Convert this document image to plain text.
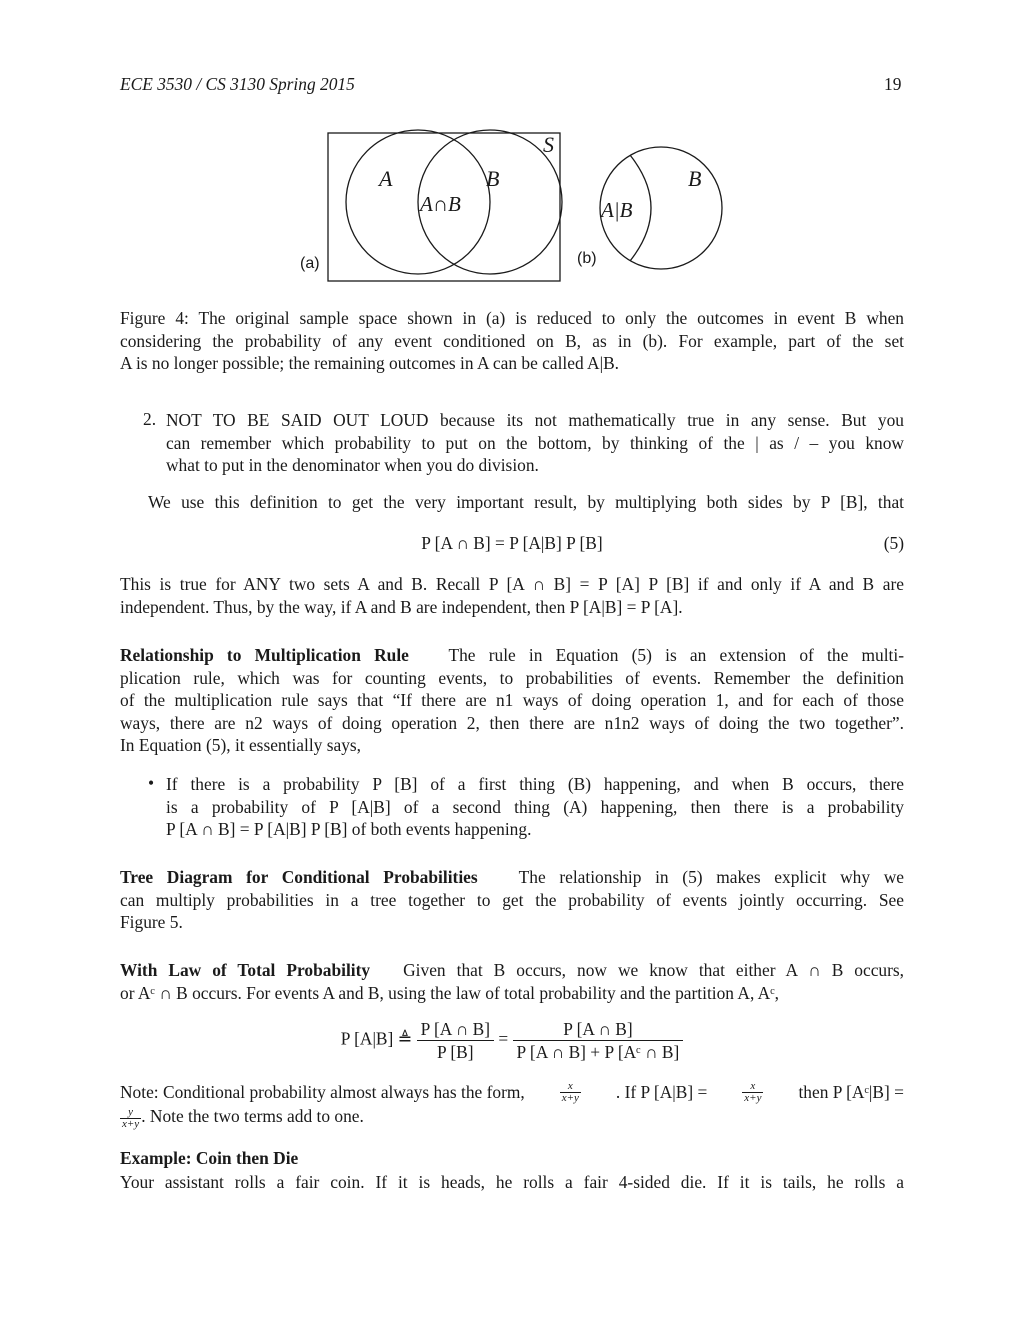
ECE 3530 / CS 3130 Spring 2015	19
S
A	B
A∩B
(a)
A|B
B
(b)
Figure 4: The original sample space shown in (a) is reduced to only the outcomes in event B when
considering the probability of any event conditioned on B, as in (b). For example, part of the set
A is no longer possible; the remaining outcomes in A can be called A|B.
2. NOT TO BE SAID OUT LOUD because its not mathematically true in any sense. But you
can remember which probability to put on the bottom, by thinking of the | as / – you know
what to put in the denominator when you do division.
We use this definition to get the very important result, by multiplying both sides by P [B], that
P [A ∩ B] = P [A|B] P [B]	(5)
This is true for ANY two sets A and B. Recall P [A ∩ B] = P [A] P [B] if and only if A and B are
independent. Thus, by the way, if A and B are independent, then P [A|B] = P [A].
Relationship to Multiplication Rule The rule in Equation (5) is an extension of the multi-
plication rule, which was for counting events, to probabilities of events. Remember the definition
of the multiplication rule says that “If there are n1 ways of doing operation 1, and for each of those
ways, there are n2 ways of doing operation 2, then there are n1n2 ways of doing the two together”.
In Equation (5), it essentially says,
• If there is a probability P [B] of a first thing (B) happening, and when B occurs, there
is a probability of P [A|B] of a second thing (A) happening, then there is a probability
P [A ∩ B] = P [A|B] P [B] of both events happening.
Tree Diagram for Conditional Probabilities The relationship in (5) makes explicit why we
can multiply probabilities in a tree together to get the probability of events jointly occurring. See
Figure 5.
With Law of Total Probability Given that B occurs, now we know that either A ∩ B occurs,
or Aᶜ ∩ B occurs. For events A and B, using the law of total probability and the partition A, Aᶜ,
P [A|B] ≜ $\frac{P [A \cap B]}{P [B]} = \frac{P [A \cap B]}{\text{P [A ∩ B] + P [Aᶜ ∩ B]}}$
Note: Conditional probability almost always has the form,	$\frac{x}{x+y}$ . If P [A|B] =	$\frac{x}{x+y}$ then P [Aᶜ|B] =
$\frac{y}{x+y}$ . Note the two terms add to one.
Example: Coin then Die
Your assistant rolls a fair coin. If it is heads, he rolls a fair 4-sided die. If it is tails, he rolls a
